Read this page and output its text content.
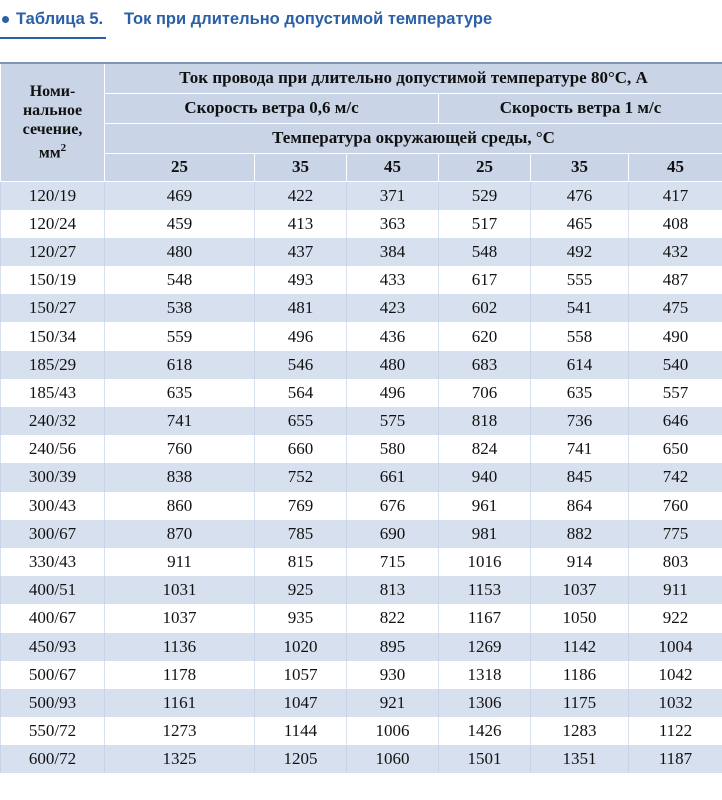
Таблица 5.	Ток при длительно допустимой температуре
Номи-
нальное
сечение,
$мм^2$	Ток провода при длительно допустимой температуре 80°C, А					
	Скорость ветра 0,6 м/с			Скорость ветра 1 м/с		
	Температура окружающей среды, °C					
	25	35	45	25	35	45
120/19	469	422	371	529	476	417
120/24	459	413	363	517	465	408
120/27	480	437	384	548	492	432
150/19	548	493	433	617	555	487
150/27	538	481	423	602	541	475
150/34	559	496	436	620	558	490
185/29	618	546	480	683	614	540
185/43	635	564	496	706	635	557
240/32	741	655	575	818	736	646
240/56	760	660	580	824	741	650
300/39	838	752	661	940	845	742
300/43	860	769	676	961	864	760
300/67	870	785	690	981	882	775
330/43	911	815	715	1016	914	803
400/51	1031	925	813	1153	1037	911
400/67	1037	935	822	1167	1050	922
450/93	1136	1020	895	1269	1142	1004
500/67	1178	1057	930	1318	1186	1042
500/93	1161	1047	921	1306	1175	1032
550/72	1273	1144	1006	1426	1283	1122
600/72	1325	1205	1060	1501	1351	1187
